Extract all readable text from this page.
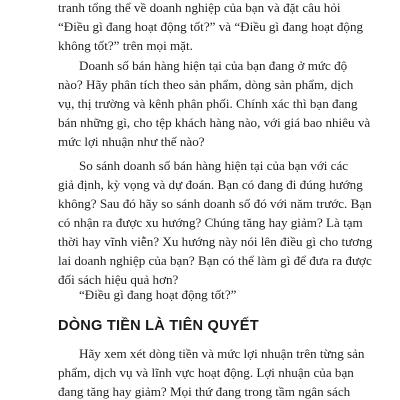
tranh tổng thể về doanh nghiệp của bạn và đặt câu hỏi

“Điều gì đang hoạt động tốt?” và “Điều gì đang hoạt động

không tốt?” trên mọi mặt.

Doanh số bán hàng hiện tại của bạn đang ở mức độ

nào? Hãy phân tích theo sản phẩm, dòng sản phẩm, dịch

vụ, thị trường và kênh phân phối. Chính xác thì bạn đang

bán những gì, cho tệp khách hàng nào, với giá bao nhiêu và

mức lợi nhuận như thế nào?

So sánh doanh số bán hàng hiện tại của bạn với các

giả định, kỳ vọng và dự đoán. Bạn có đang đi đúng hướng

không? Sau đó hãy so sánh doanh số đó với năm trước. Bạn

có nhận ra được xu hướng? Chúng tăng hay giảm? Là tạm

thời hay vĩnh viễn? Xu hướng này nói lên điều gì cho tương

lai doanh nghiệp của bạn? Bạn có thể làm gì để đưa ra được

đối sách hiệu quả hơn?

“Điều gì đang hoạt động tốt?”

DÒNG TIỀN LÀ TIÊN QUYẾT

Hãy xem xét dòng tiền và mức lợi nhuận trên từng sản

phẩm, dịch vụ và lĩnh vực hoạt động. Lợi nhuận của bạn

đang tăng hay giảm? Mọi thứ đang trong tầm ngân sách
